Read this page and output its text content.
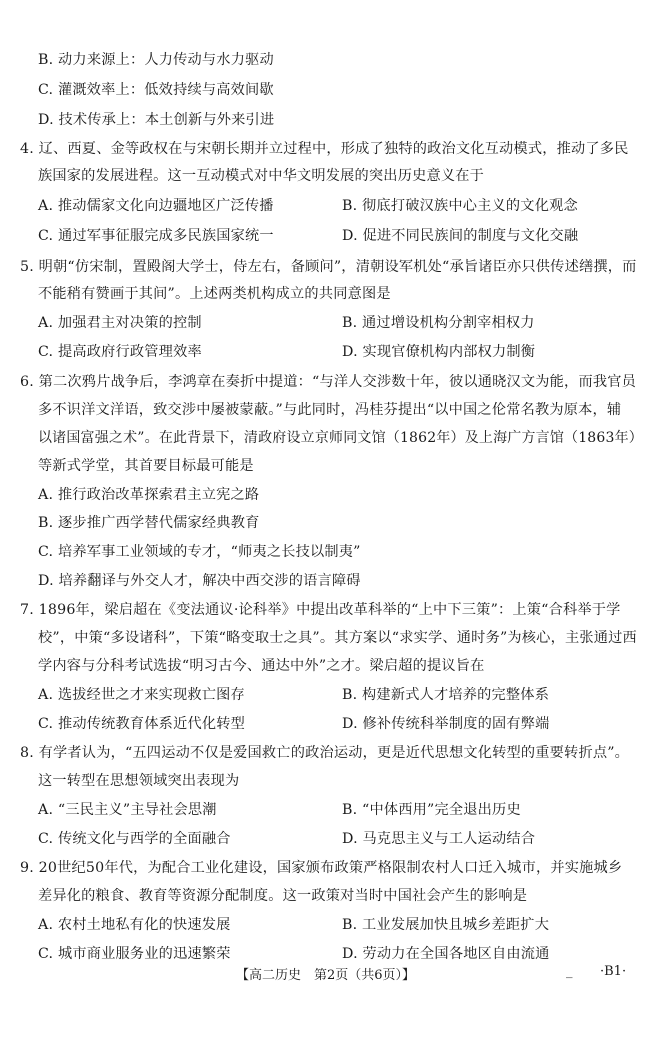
B. 动力来源上：人力传动与水力驱动
C. 灌溉效率上：低效持续与高效间歇
D. 技术传承上：本土创新与外来引进
4. 辽、西夏、金等政权在与宋朝长期并立过程中，形成了独特的政治文化互动模式，推动了多民
族国家的发展进程。这一互动模式对中华文明发展的突出历史意义在于
A. 推动儒家文化向边疆地区广泛传播	B. 彻底打破汉族中心主义的文化观念
C. 通过军事征服完成多民族国家统一	D. 促进不同民族间的制度与文化交融
5. 明朝“仿宋制，置殿阁大学士，侍左右，备顾问”，清朝设军机处“承旨诸臣亦只供传述缮撰，而
不能稍有赞画于其间”。上述两类机构成立的共同意图是
A. 加强君主对决策的控制	B. 通过增设机构分割宰相权力
C. 提高政府行政管理效率	D. 实现官僚机构内部权力制衡
6. 第二次鸦片战争后，李鸿章在奏折中提道：“与洋人交涉数十年，彼以通晓汉文为能，而我官员
多不识洋文洋语，致交涉中屡被蒙蔽。”与此同时，冯桂芬提出“以中国之伦常名教为原本，辅
以诸国富强之术”。在此背景下，清政府设立京师同文馆（1862年）及上海广方言馆（1863年）
等新式学堂，其首要目标最可能是
A. 推行政治改革探索君主立宪之路
B. 逐步推广西学替代儒家经典教育
C. 培养军事工业领域的专才，“师夷之长技以制夷”
D. 培养翻译与外交人才，解决中西交涉的语言障碍
7. 1896年，梁启超在《变法通议·论科举》中提出改革科举的“上中下三策”：上策“合科举于学
校”，中策“多设诸科”，下策“略变取士之具”。其方案以“求实学、通时务”为核心，主张通过西
学内容与分科考试选拔“明习古今、通达中外”之才。梁启超的提议旨在
A. 选拔经世之才来实现救亡图存	B. 构建新式人才培养的完整体系
C. 推动传统教育体系近代化转型	D. 修补传统科举制度的固有弊端
8. 有学者认为，“五四运动不仅是爱国救亡的政治运动，更是近代思想文化转型的重要转折点”。
这一转型在思想领域突出表现为
A. “三民主义”主导社会思潮	B. “中体西用”完全退出历史
C. 传统文化与西学的全面融合	D. 马克思主义与工人运动结合
9. 20世纪50年代，为配合工业化建设，国家颁布政策严格限制农村人口迁入城市，并实施城乡
差异化的粮食、教育等资源分配制度。这一政策对当时中国社会产生的影响是
A. 农村土地私有化的快速发展	B. 工业发展加快且城乡差距扩大
C. 城市商业服务业的迅速繁荣	D. 劳动力在全国各地区自由流通
【高二历史　第2页（共6页）】	_ ·B1·
